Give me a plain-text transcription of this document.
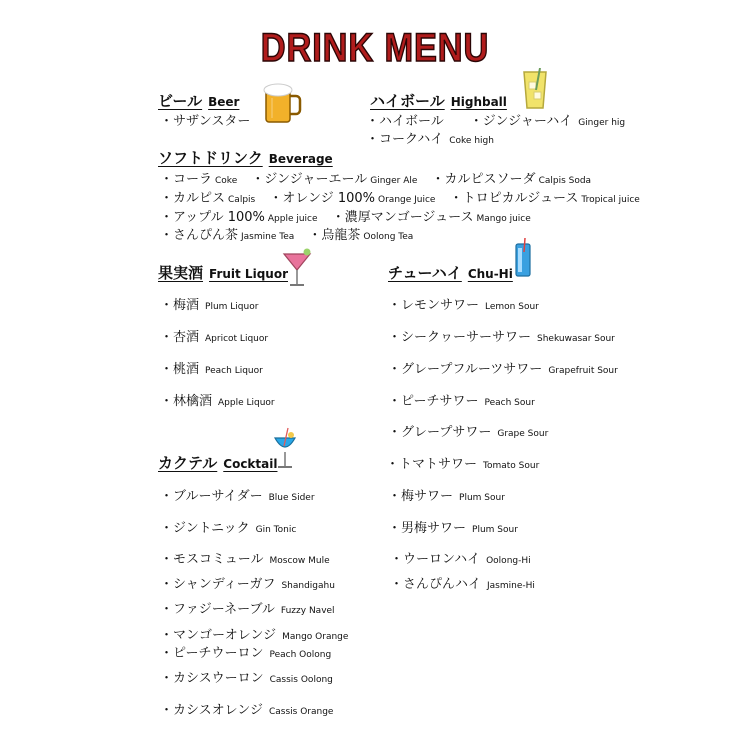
DRINK MENU
ビール Beer
・サザンスター
ハイボール Highball
・ハイボール ・ジンジャーハイ Ginger hig
・コークハイ Coke high
ソフトドリンク Beverage
・コーラ Coke ・ジンジャーエール Ginger Ale ・カルピスソーダ Calpis Soda
・カルピス Calpis ・オレンジ 100% Orange Juice ・トロピカルジュース Tropical juice
・アップル 100% Apple juice ・濃厚マンゴージュース Mango juice
・さんぴん茶 Jasmine Tea ・烏龍茶 Oolong Tea
果実酒 Fruit Liquor
・梅酒 Plum Liquor
・杏酒 Apricot Liquor
・桃酒 Peach Liquor
・林檎酒 Apple Liquor
チューハイ Chu-Hi
・レモンサワー Lemon Sour
・シークヮーサーサワー Shekuwasar Sour
・グレープフルーツサワー Grapefruit Sour
・ピーチサワー Peach Sour
・グレープサワー Grape Sour
・トマトサワー Tomato Sour
・梅サワー Plum Sour
・男梅サワー Plum Sour
・ウーロンハイ Oolong-Hi
・さんぴんハイ Jasmine-Hi
カクテル Cocktail
・ブルーサイダー Blue Sider
・ジントニック Gin Tonic
・モスコミュール Moscow Mule
・シャンディーガフ Shandigahu
・ファジーネーブル Fuzzy Navel
・マンゴーオレンジ Mango Orange
・ピーチウーロン Peach Oolong
・カシスウーロン Cassis Oolong
・カシスオレンジ Cassis Orange
